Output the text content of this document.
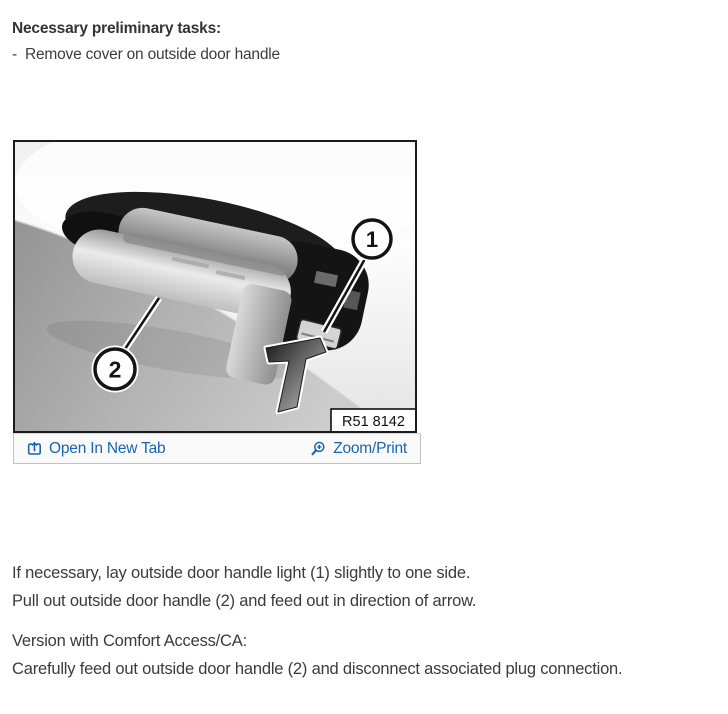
Necessary preliminary tasks:
- Remove cover on outside door handle
1
2
R51 8142
Open In New Tab	Zoom/Print
If necessary, lay outside door handle light (1) slightly to one side.
Pull out outside door handle (2) and feed out in direction of arrow.
Version with Comfort Access/CA:
Carefully feed out outside door handle (2) and disconnect associated plug connection.
